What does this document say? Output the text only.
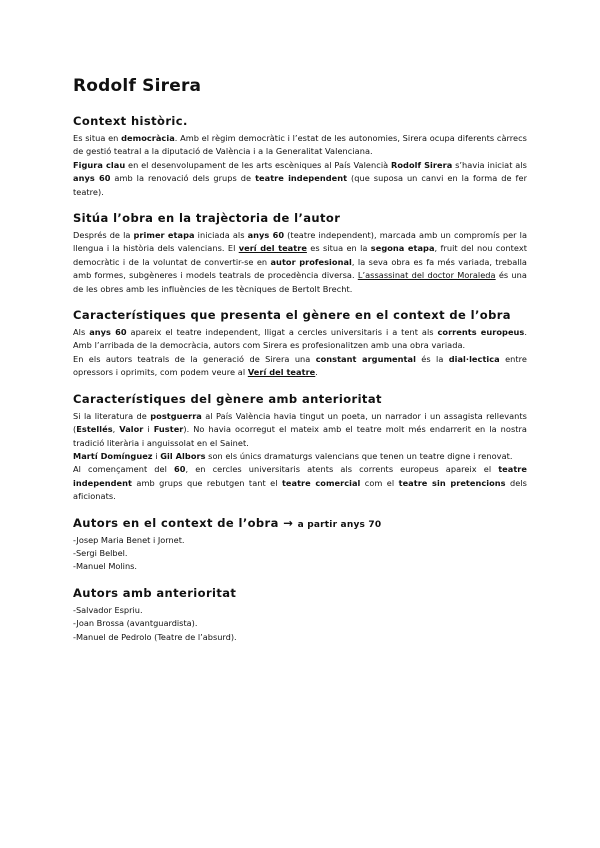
Rodolf Sirera
Context històric.

Es situa en democràcia. Amb el règim democràtic i l’estat de les autonomies, Sirera ocupa diferents càrrecs de gestió teatral a la diputació de València i a la Generalitat Valenciana.

Figura clau en el desenvolupament de les arts escèniques al País Valencià Rodolf Sirera s’havia iniciat als anys 60 amb la renovació dels grups de teatre independent (que suposa un canvi en la forma de fer teatre).

Sitúa l’obra en la trajèctoria de l’autor

Després de la primer etapa iniciada als anys 60 (teatre independent), marcada amb un compromís per la llengua i la història dels valencians. El verí del teatre es situa en la segona etapa, fruit del nou context democràtic i de la voluntat de convertir-se en autor profesional, la seva obra es fa més variada, treballa amb formes, subgèneres i models teatrals de procedència diversa. L’assassinat del doctor Moraleda és una de les obres amb les influències de les tècniques de Bertolt Brecht.

Característiques que presenta el gènere en el context de l’obra

Als anys 60 apareix el teatre independent, lligat a cercles universitaris i a tent als corrents europeus. Amb l’arribada de la democràcia, autors com Sirera es profesionalitzen amb una obra variada.

En els autors teatrals de la generació de Sirera una constant argumental és la dial·lectica entre opressors i oprimits, com podem veure al Verí del teatre.

Característiques del gènere amb anterioritat

Si la literatura de postguerra al País València havia tingut un poeta, un narrador i un assagista rellevants (Estellés, Valor i Fuster). No havia ocorregut el mateix amb el teatre molt més endarrerit en la nostra tradició literària i anguissolat en el Sainet.

Martí Domínguez i Gil Albors son els únics dramaturgs valencians que tenen un teatre digne i renovat.

Al començament del 60, en cercles universitaris atents als corrents europeus apareix el teatre independent amb grups que rebutgen tant el teatre comercial com el teatre sin pretencions dels aficionats.

Autors en el context de l’obra → a partir anys 70
-Josep Maria Benet i Jornet.
-Sergi Belbel.
-Manuel Molins.
Autors amb anterioritat
-Salvador Espriu.
-Joan Brossa (avantguardista).
-Manuel de Pedrolo (Teatre de l’absurd).
